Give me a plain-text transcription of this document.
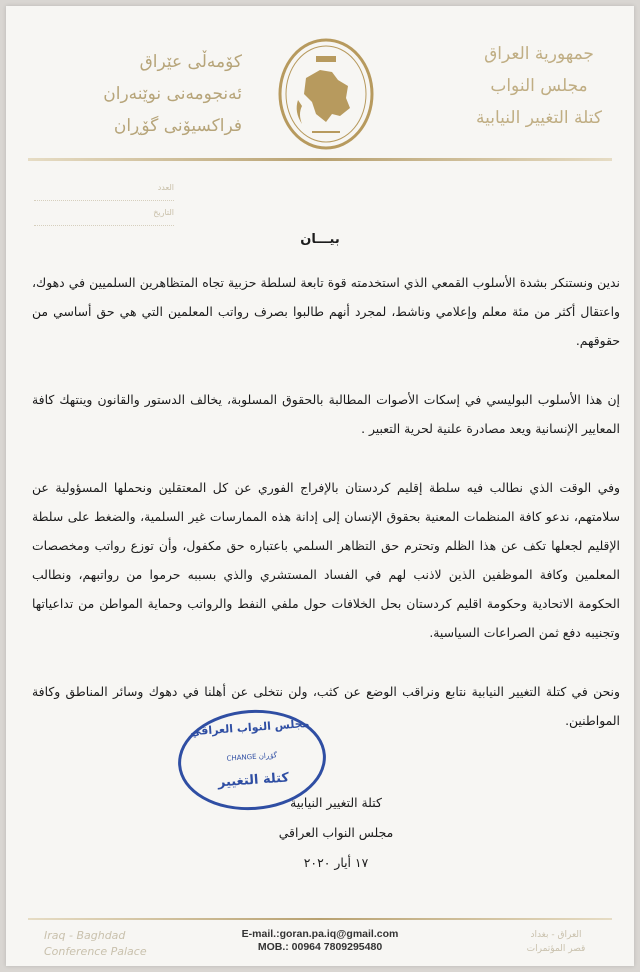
كۆمەڵی عێراق
ئەنجومەنی نوێنەران
فراکسیۆنی گۆڕان
جمهورية العراق
مجلس النواب
كتلة التغيير النيابية
العدد
التاريخ
بيـــان

ندين ونستنكر بشدة الأسلوب القمعي الذي استخدمته قوة تابعة لسلطة حزبية تجاه المتظاهرين السلميين في دهوك، واعتقال أكثر من مئة معلم وإعلامي وناشط، لمجرد أنهم طالبوا بصرف رواتب المعلمين التي هي حق أساسي من حقوقهم.

إن هذا الأسلوب البوليسي في إسكات الأصوات المطالبة بالحقوق المسلوبة، يخالف الدستور والقانون وينتهك كافة المعايير الإنسانية ويعد مصادرة علنية لحرية التعبير .

وفي الوقت الذي نطالب فيه سلطة إقليم كردستان بالإفراج الفوري عن كل المعتقلين ونحملها المسؤولية عن سلامتهم، ندعو كافة المنظمات المعنية بحقوق الإنسان إلى إدانة هذه الممارسات غير السلمية، والضغط على سلطة الإقليم لجعلها تكف عن هذا الظلم وتحترم حق التظاهر السلمي باعتباره حق مكفول، وأن توزع رواتب ومخصصات المعلمين وكافة الموظفين الذين لاذنب لهم في الفساد المستشري والذي بسببه حرموا من رواتبهم، ونطالب الحكومة الاتحادية وحكومة اقليم كردستان بحل الخلافات حول ملفي النفط والرواتب وحماية المواطن من تداعياتها وتجنيبه دفع ثمن الصراعات السياسية.

ونحن في كتلة التغيير النيابية نتابع ونراقب الوضع عن كثب، ولن نتخلى عن أهلنا في دهوك وسائر المناطق وكافة المواطنين.

مجلس النواب العراقي
گۆڕان CHANGE
كتلة التغيير
كتلة التغيير النيابية
مجلس النواب العراقي
١٧ أيار ٢٠٢٠
Iraq - Baghdad
Conference Palace
E-mail.:goran.pa.iq@gmail.com
MOB.: 00964 7809295480
العراق - بغداد
قصر المؤتمرات
